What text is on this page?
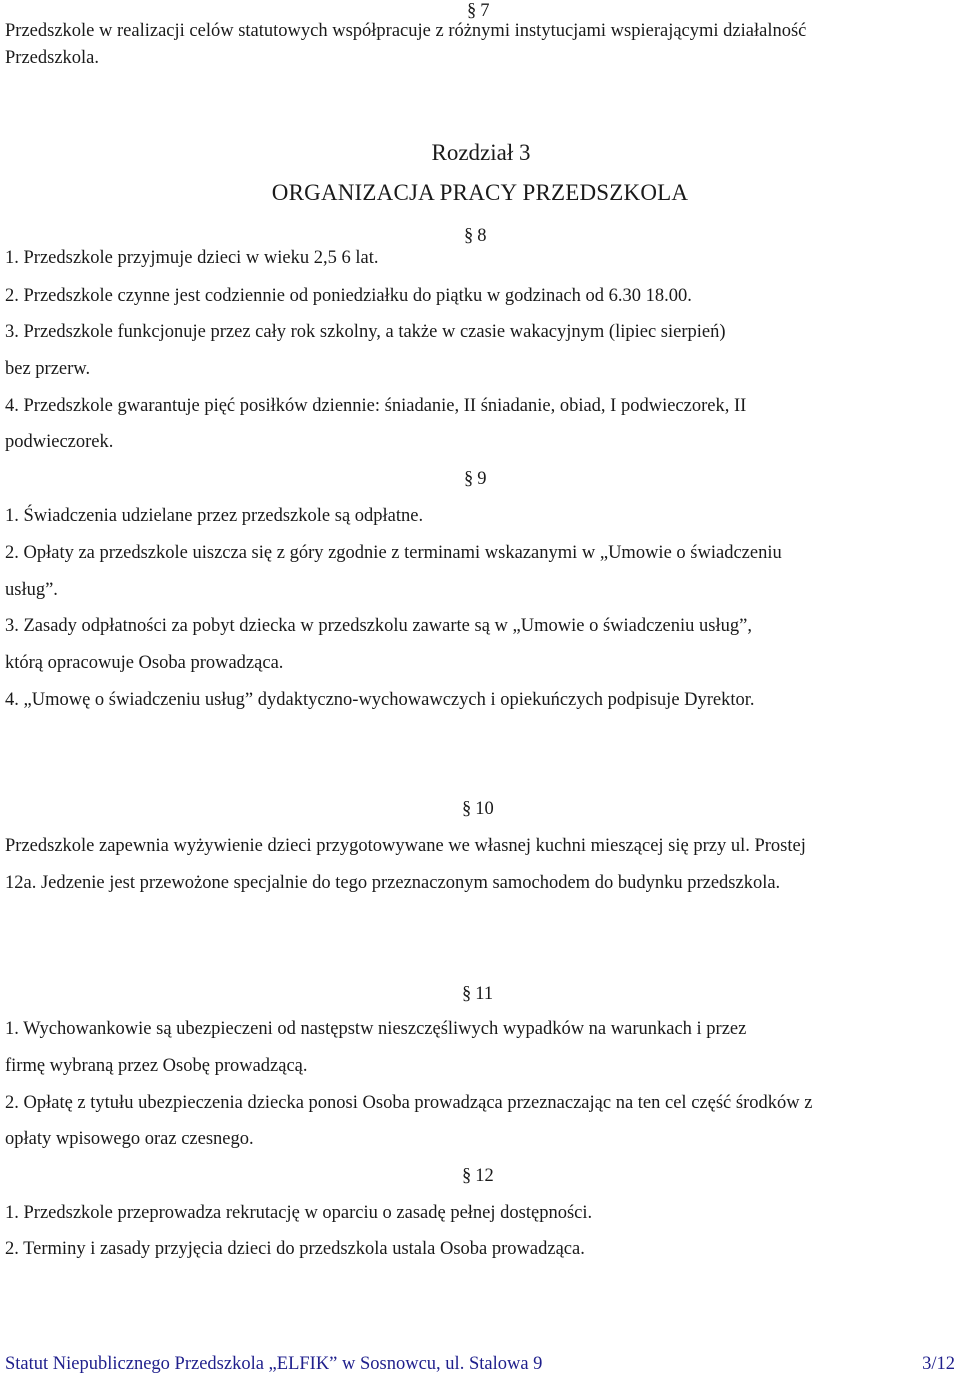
§ 7
Przedszkole w realizacji celów statutowych współpracuje z różnymi instytucjami wspierającymi działalność
Przedszkola.
Rozdział 3
ORGANIZACJA PRACY PRZEDSZKOLA
§ 8
1. Przedszkole przyjmuje dzieci w wieku 2,5 6 lat.
2. Przedszkole czynne jest codziennie od poniedziałku do piątku w godzinach od 6.30 18.00.
3. Przedszkole funkcjonuje przez cały rok szkolny, a także w czasie wakacyjnym (lipiec sierpień)
bez przerw.
4. Przedszkole gwarantuje pięć posiłków dziennie: śniadanie, II śniadanie, obiad, I podwieczorek, II
podwieczorek.
§ 9
1. Świadczenia udzielane przez przedszkole są odpłatne.
2. Opłaty za przedszkole uiszcza się z góry zgodnie z terminami wskazanymi w „Umowie o świadczeniu
usług”.
3. Zasady odpłatności za pobyt dziecka w przedszkolu zawarte są w „Umowie o świadczeniu usług”,
którą opracowuje Osoba prowadząca.
4. „Umowę o świadczeniu usług” dydaktyczno-wychowawczych i opiekuńczych podpisuje Dyrektor.
§ 10
Przedszkole zapewnia wyżywienie dzieci przygotowywane we własnej kuchni mieszącej się przy ul. Prostej
12a. Jedzenie jest przewożone specjalnie do tego przeznaczonym samochodem do budynku przedszkola.
§ 11
1. Wychowankowie są ubezpieczeni od następstw nieszczęśliwych wypadków na warunkach i przez
firmę wybraną przez Osobę prowadzącą.
2. Opłatę z tytułu ubezpieczenia dziecka ponosi Osoba prowadząca przeznaczając na ten cel część środków z
opłaty wpisowego oraz czesnego.
§ 12
1. Przedszkole przeprowadza rekrutację w oparciu o zasadę pełnej dostępności.
2. Terminy i zasady przyjęcia dzieci do przedszkola ustala Osoba prowadząca.
Statut Niepublicznego Przedszkola „ELFIK” w Sosnowcu, ul. Stalowa 9	3/12
